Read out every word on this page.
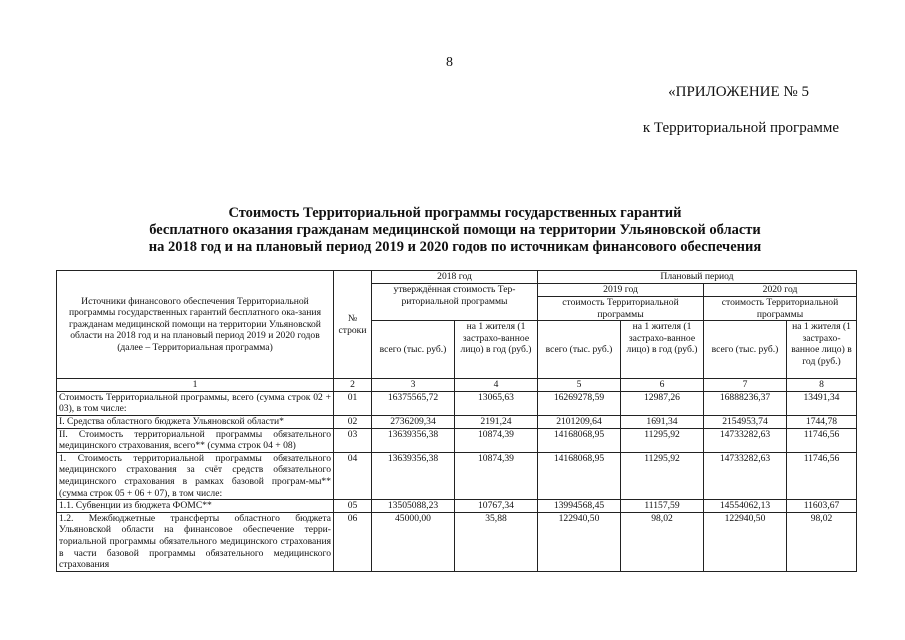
8
«ПРИЛОЖЕНИЕ № 5
к Территориальной программе
Стоимость Территориальной программы государственных гарантий
бесплатного оказания гражданам медицинской помощи на территории Ульяновской области
на 2018 год и на плановый период 2019 и 2020 годов по источникам финансового обеспечения
Источники финансового обеспечения Территориальной программы государственных гарантий бесплатного ока-зания гражданам медицинской помощи на территории Ульяновской области на 2018 год и на плановый период 2019 и 2020 годов (далее – Территориальная программа)	№ строки	2018 год		Плановый период			
		утверждённая стоимость Тер-риториальной программы		2019 год		2020 год	
				стоимость Территориальной программы		стоимость Территориальной программы	
		всего (тыс. руб.)	на 1 жителя (1 застрахо-ванное лицо) в год (руб.)	всего (тыс. руб.)	на 1 жителя (1 застрахо-ванное лицо) в год (руб.)	всего (тыс. руб.)	на 1 жителя (1 застрахо-ванное лицо) в год (руб.)
1	2	3	4	5	6	7	8
Стоимость Территориальной программы, всего (сумма строк 02 + 03), в том числе:	01	16375565,72	13065,63	16269278,59	12987,26	16888236,37	13491,34
I. Средства областного бюджета Ульяновской области*	02	2736209,34	2191,24	2101209,64	1691,34	2154953,74	1744,78
II. Стоимость территориальной программы обязательного медицинского страхования, всего** (сумма строк 04 + 08)	03	13639356,38	10874,39	14168068,95	11295,92	14733282,63	11746,56
1. Стоимость территориальной программы обязательного медицинского страхования за счёт средств обязательного медицинского страхования в рамках базовой програм-мы** (сумма строк 05 + 06 + 07), в том числе:	04	13639356,38	10874,39	14168068,95	11295,92	14733282,63	11746,56
1.1. Субвенции из бюджета ФОМС**	05	13505088,23	10767,34	13994568,45	11157,59	14554062,13	11603,67
1.2. Межбюджетные трансферты областного бюджета Ульяновской области на финансовое обеспечение терри-ториальной программы обязательного медицинского страхования в части базовой программы обязательного медицинского страхования	06	45000,00	35,88	122940,50	98,02	122940,50	98,02
